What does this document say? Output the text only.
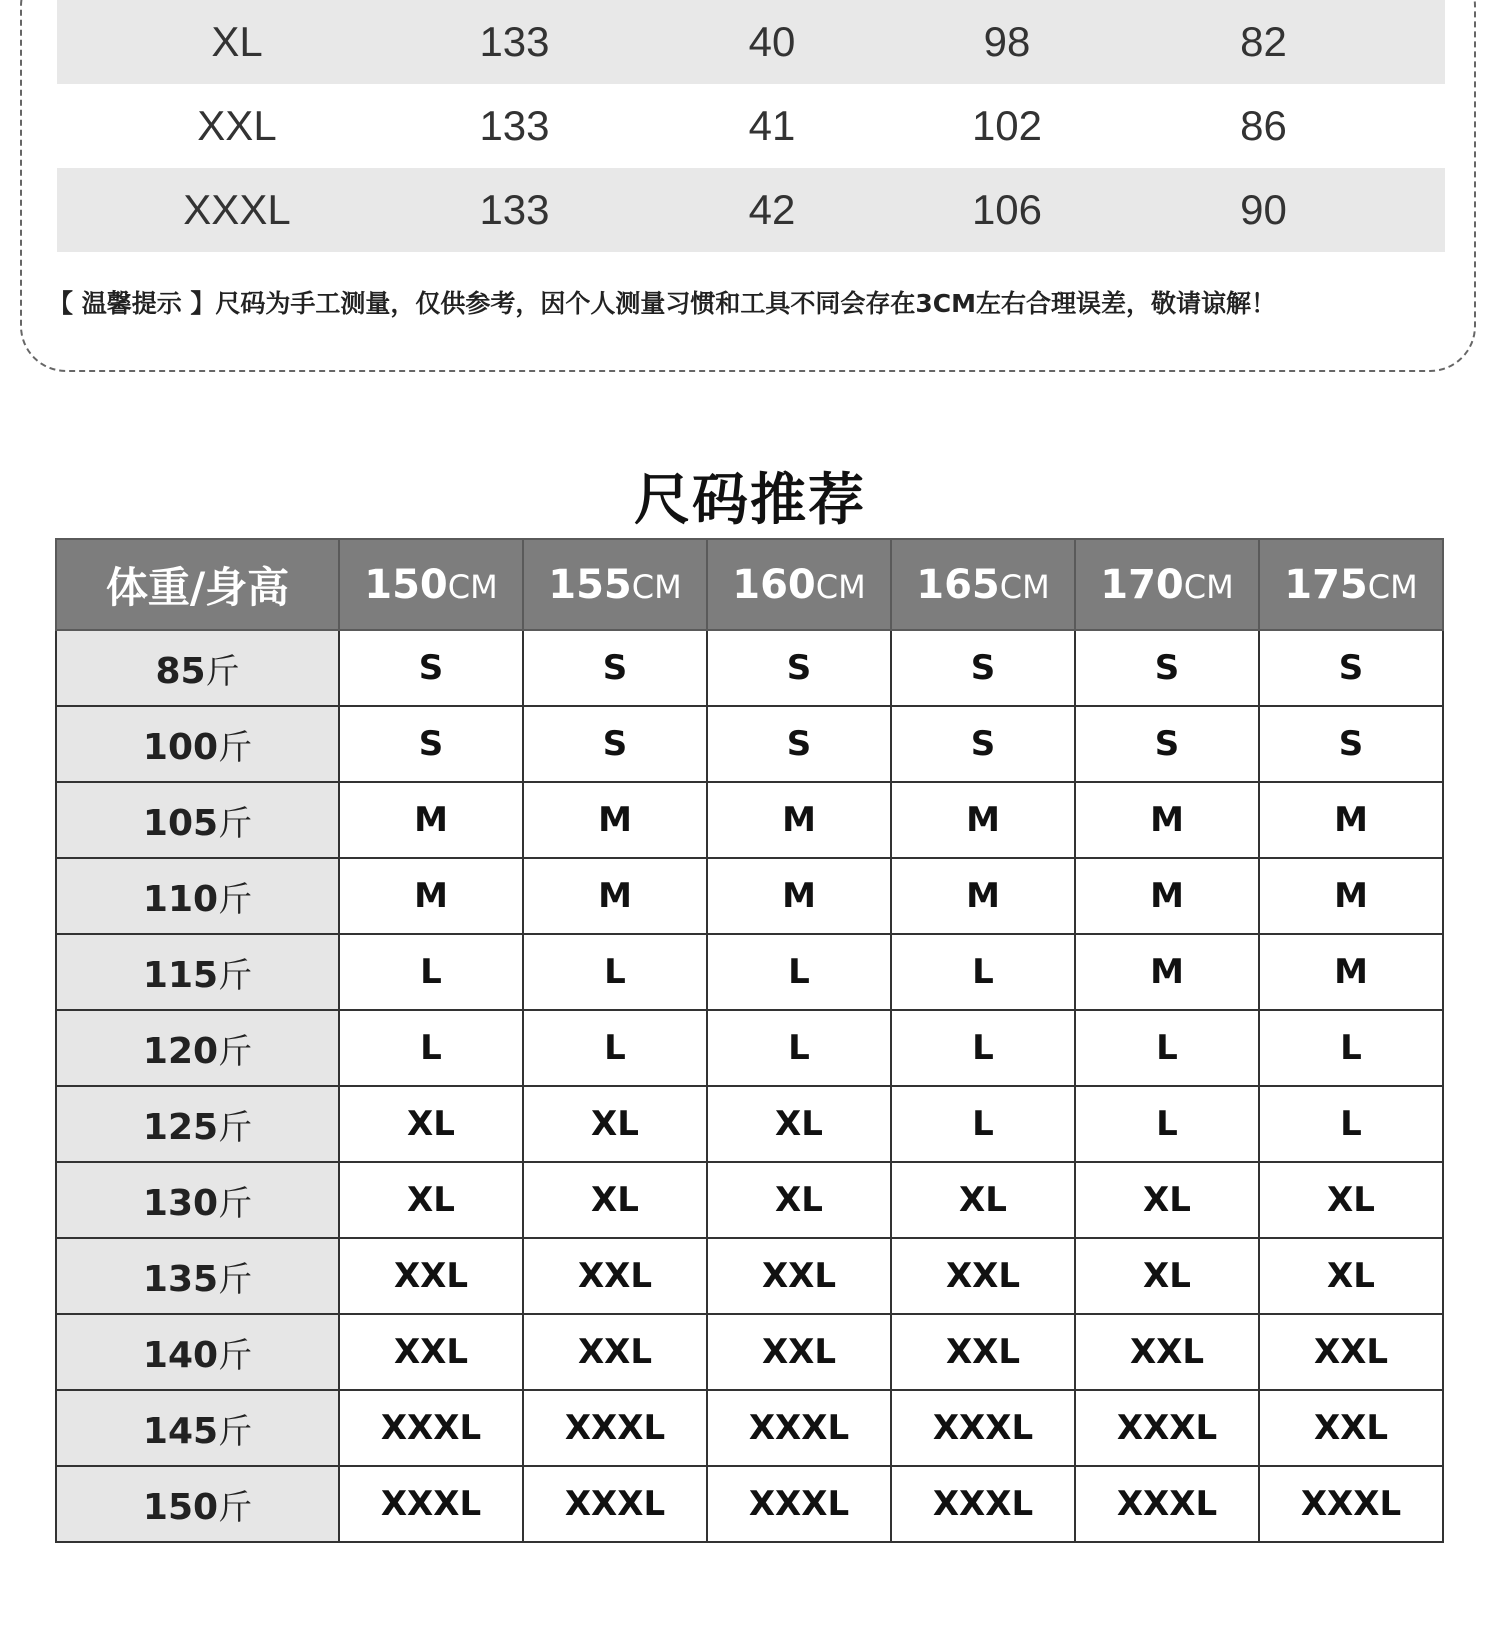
XL	133	40	98	82
XXL	133	41	102	86
XXXL	133	42	106	90
【 温馨提示 】尺码为手工测量，仅供参考，因个人测量习惯和工具不同会存在3CM左右合理误差，敬请谅解！
尺码推荐
体重/身高	150CM	155CM	160CM	165CM	170CM	175CM
85斤	S	S	S	S	S	S
100斤	S	S	S	S	S	S
105斤	M	M	M	M	M	M
110斤	M	M	M	M	M	M
115斤	L	L	L	L	M	M
120斤	L	L	L	L	L	L
125斤	XL	XL	XL	L	L	L
130斤	XL	XL	XL	XL	XL	XL
135斤	XXL	XXL	XXL	XXL	XL	XL
140斤	XXL	XXL	XXL	XXL	XXL	XXL
145斤	XXXL	XXXL	XXXL	XXXL	XXXL	XXL
150斤	XXXL	XXXL	XXXL	XXXL	XXXL	XXXL
